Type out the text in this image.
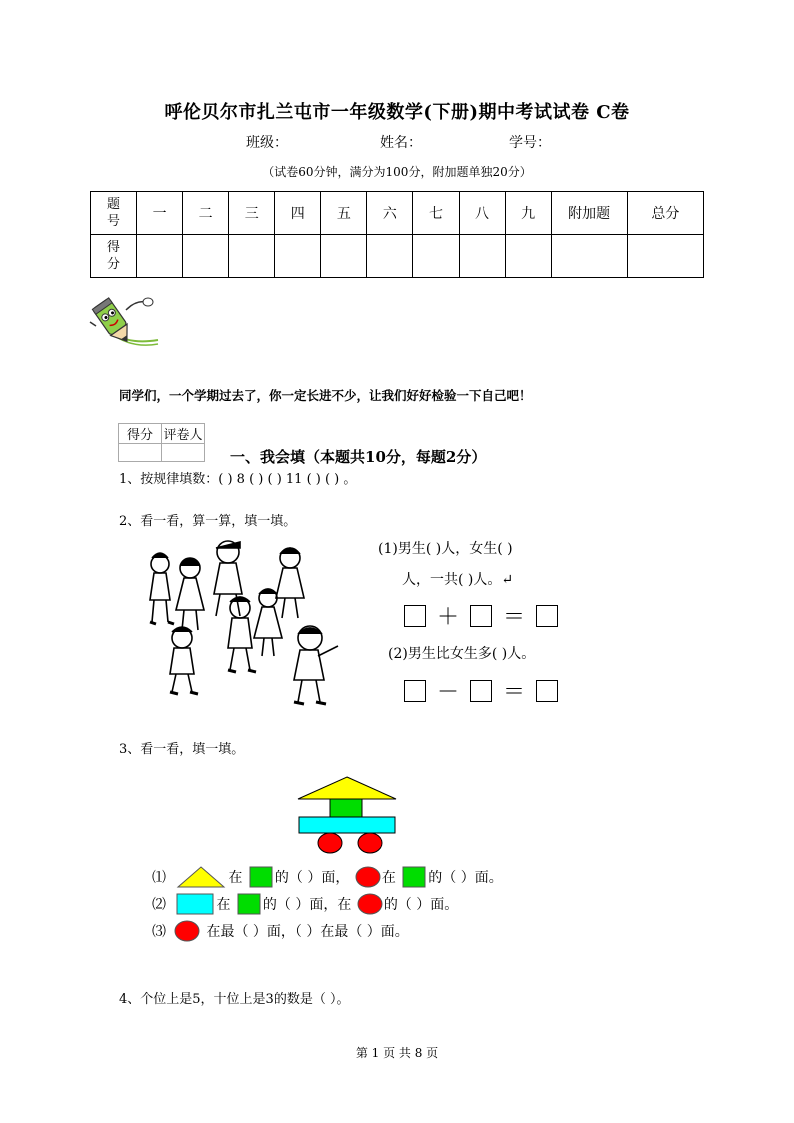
呼伦贝尔市扎兰屯市一年级数学(下册)期中考试试卷 C卷
班级：	姓名：	学号：
（试卷60分钟，满分为100分，附加题单独20分）
题
号	一	二	三	四	五	六	七	八	九	附加题	总分
得
分											
同学们，一个学期过去了，你一定长进不少，让我们好好检验一下自己吧！
得分	评卷人

一、我会填（本题共10分，每题2分）
1、按规律填数：( ) 8 ( ) ( ) 11 ( ) ( ) 。
2、看一看，算一算，填一填。
(1)男生( )人，女生( )
人，一共( )人。↵
＋ ＝
(2)男生比女生多( )人。
－ ＝
3、看一看，填一填。
⑴	在 的（ ）面， 在 的（ ）面。
⑵	在 的（ ）面，在 的（ ）面。
⑶	在最（ ）面，（ ）在最（ ）面。
4、个位上是5，十位上是3的数是（ ）。
第 1 页 共 8 页
